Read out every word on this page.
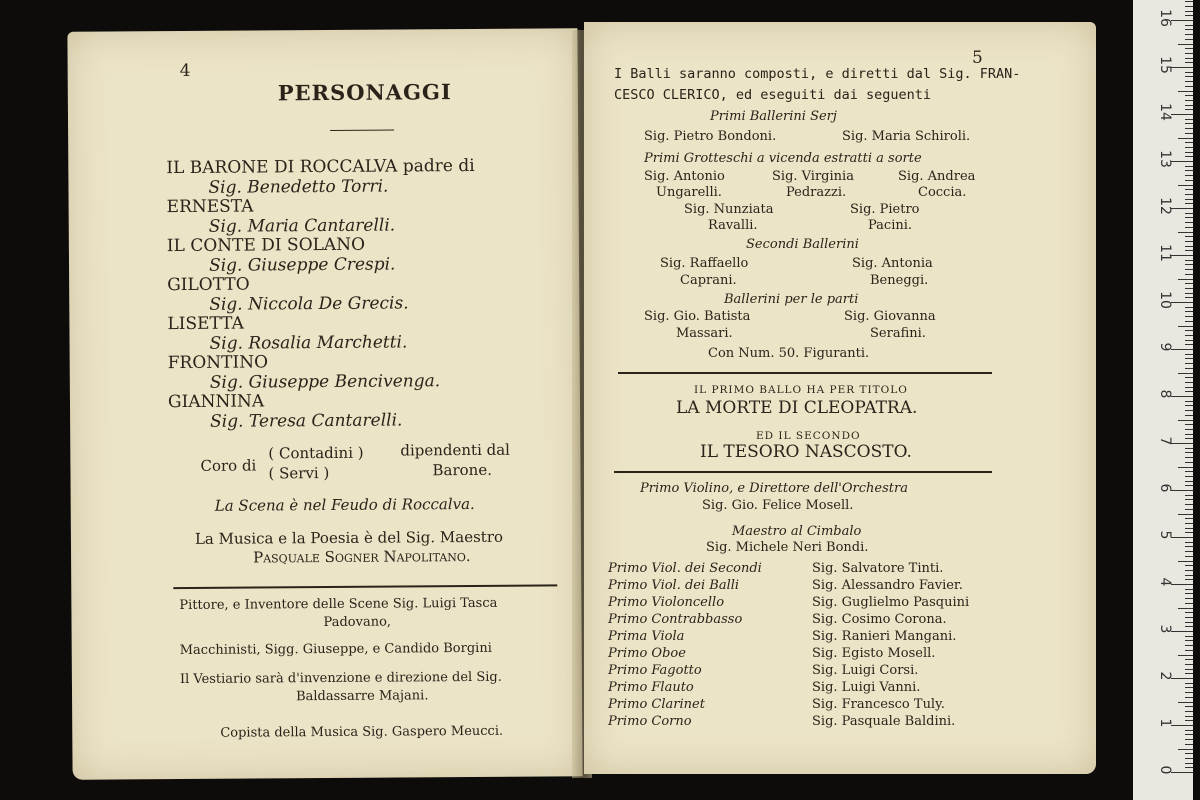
4
PERSONAGGI
IL BARONE DI ROCCALVA padre di
Sig. Benedetto Torri.
ERNESTA
Sig. Maria Cantarelli.
IL CONTE DI SOLANO
Sig. Giuseppe Crespi.
GILOTTO
Sig. Niccola De Grecis.
LISETTA
Sig. Rosalia Marchetti.
FRONTINO
Sig. Giuseppe Bencivenga.
GIANNINA
Sig. Teresa Cantarelli.
Coro di
( Contadini )
( Servi )
dipendenti dal
Barone.
La Scena è nel Feudo di Roccalva.
La Musica e la Poesia è del Sig. Maestro
Pasquale Sogner Napolitano.
Pittore, e Inventore delle Scene Sig. Luigi Tasca
Padovano,
Macchinisti, Sigg. Giuseppe, e Candido Borgini
Il Vestiario sarà d'invenzione e direzione del Sig.
Baldassarre Majani.
Copista della Musica Sig. Gaspero Meucci.
5
I Balli saranno composti, e diretti dal Sig. FRAN-
CESCO CLERICO, ed eseguiti dai seguenti
Primi Ballerini Serj
Sig. Pietro Bondoni.	Sig. Maria Schiroli.
Primi Grotteschi a vicenda estratti a sorte
Sig. Antonio	Sig. Virginia	Sig. Andrea
Ungarelli.	Pedrazzi.	Coccia.
Sig. Nunziata	Sig. Pietro
Ravalli.	Pacini.
Secondi Ballerini
Sig. Raffaello	Sig. Antonia
Caprani.	Beneggi.
Ballerini per le parti
Sig. Gio. Batista	Sig. Giovanna
Massari.	Serafini.
Con Num. 50. Figuranti.
IL PRIMO BALLO HA PER TITOLO
LA MORTE DI CLEOPATRA.
ED IL SECONDO
IL TESORO NASCOSTO.
Primo Violino, e Direttore dell'Orchestra
Sig. Gio. Felice Mosell.
Maestro al Cimbalo
Sig. Michele Neri Bondi.
Primo Viol. dei Secondi	Sig. Salvatore Tinti.
Primo Viol. dei Balli	Sig. Alessandro Favier.
Primo Violoncello	Sig. Guglielmo Pasquini
Primo Contrabbasso	Sig. Cosimo Corona.
Prima Viola	Sig. Ranieri Mangani.
Primo Oboe	Sig. Egisto Mosell.
Primo Fagotto	Sig. Luigi Corsi.
Primo Flauto	Sig. Luigi Vanni.
Primo Clarinet	Sig. Francesco Tuly.
Primo Corno	Sig. Pasquale Baldini.
0
1
2
3
4
5
6
7
8
9
10
11
12
13
14
15
16
